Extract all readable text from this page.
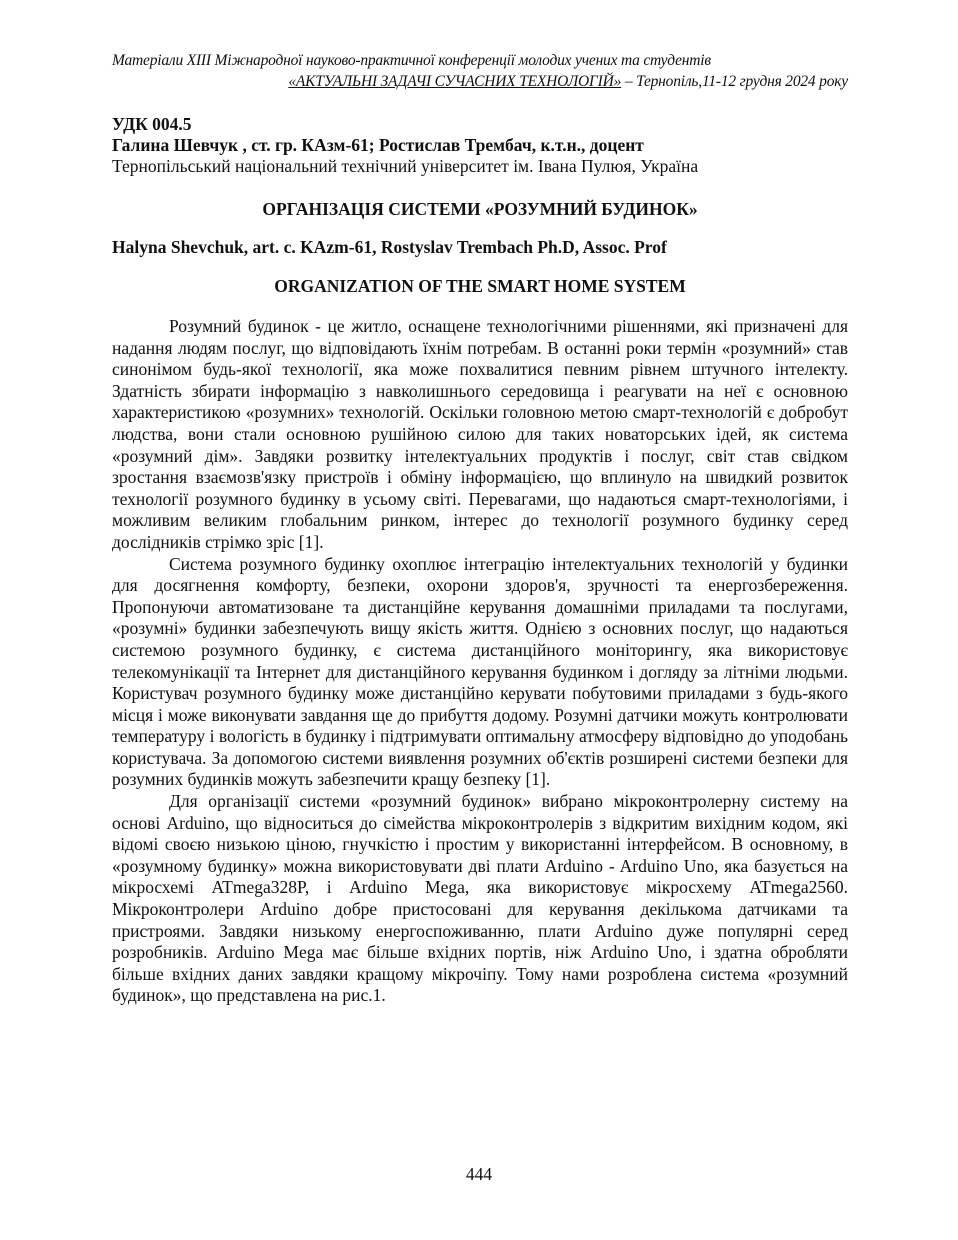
Матеріали XIII Міжнародної науково-практичної конференції молодих учених та студентів
«АКТУАЛЬНІ ЗАДАЧІ СУЧАСНИХ ТЕХНОЛОГІЙ» – Тернопіль,11-12 грудня 2024 року
УДК 004.5
Галина Шевчук , ст. гр. КАзм-61; Ростислав Трембач, к.т.н., доцент
Тернопільський національний технічний університет ім. Івана Пулюя, Україна
ОРГАНІЗАЦІЯ СИСТЕМИ «РОЗУМНИЙ БУДИНОК»
Halyna Shevchuk, art. c. KAzm-61, Rostyslav Trembach Ph.D, Assoc. Prof
ORGANIZATION OF THE SMART HOME SYSTEM

Розумний будинок - це житло, оснащене технологічними рішеннями, які призначені для надання людям послуг, що відповідають їхнім потребам. В останні роки термін «розумний» став синонімом будь-якої технології, яка може похвалитися певним рівнем штучного інтелекту. Здатність збирати інформацію з навколишнього середовища і реагувати на неї є основною характеристикою «розумних» технологій. Оскільки головною метою смарт-технологій є добробут людства, вони стали основною рушійною силою для таких новаторських ідей, як система «розумний дім». Завдяки розвитку інтелектуальних продуктів і послуг, світ став свідком зростання взаємозв'язку пристроїв і обміну інформацією, що вплинуло на швидкий розвиток технології розумного будинку в усьому світі. Перевагами, що надаються смарт-технологіями, і можливим великим глобальним ринком, інтерес до технології розумного будинку серед дослідників стрімко зріс [1].

Система розумного будинку охоплює інтеграцію інтелектуальних технологій у будинки для досягнення комфорту, безпеки, охорони здоров'я, зручності та енергозбереження. Пропонуючи автоматизоване та дистанційне керування домашніми приладами та послугами, «розумні» будинки забезпечують вищу якість життя. Однією з основних послуг, що надаються системою розумного будинку, є система дистанційного моніторингу, яка використовує телекомунікації та Інтернет для дистанційного керування будинком і догляду за літніми людьми. Користувач розумного будинку може дистанційно керувати побутовими приладами з будь-якого місця і може виконувати завдання ще до прибуття додому. Розумні датчики можуть контролювати температуру і вологість в будинку і підтримувати оптимальну атмосферу відповідно до уподобань користувача. За допомогою системи виявлення розумних об'єктів розширені системи безпеки для розумних будинків можуть забезпечити кращу безпеку [1].

Для організації системи «розумний будинок» вибрано мікроконтролерну систему на основі Arduino, що відноситься до сімейства мікроконтролерів з відкритим вихідним кодом, які відомі своєю низькою ціною, гнучкістю і простим у використанні інтерфейсом. В основному, в «розумному будинку» можна використовувати дві плати Arduino - Arduino Uno, яка базується на мікросхемі ATmega328P, і Arduino Mega, яка використовує мікросхему ATmega2560. Мікроконтролери Arduino добре пристосовані для керування декількома датчиками та пристроями. Завдяки низькому енергоспоживанню, плати Arduino дуже популярні серед розробників. Arduino Mega має більше вхідних портів, ніж Arduino Uno, і здатна обробляти більше вхідних даних завдяки кращому мікрочіпу. Тому нами розроблена система «розумний будинок», що представлена на рис.1.

444
